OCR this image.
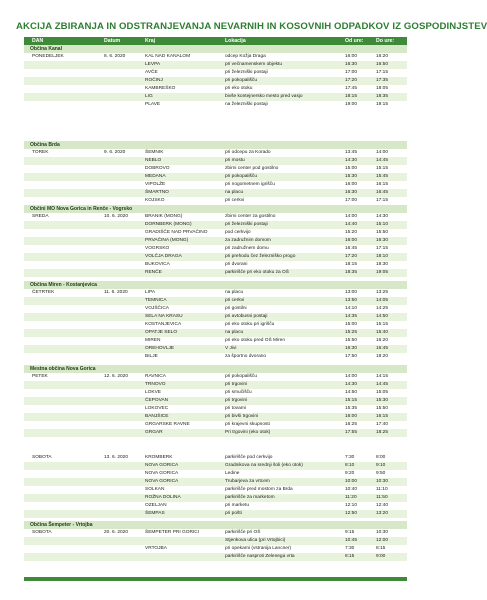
AKCIJA ZBIRANJA IN ODSTRANJEVANJA NEVARNIH IN KOSOVNIH ODPADKOV IZ GOSPODINJSTEV
DAN	Datum	Kraj	Lokacija	Od ure: Do ure:
Občina Kanal
PONEDELJEK	8. 6. 2020	KAL NAD KANALOM	odcep Kožja Draga	16:00	16:20
LEVPA	pri večnamenskem objektu	16:30	16:50
AVČE	pri železniški postaji	17:00	17:15
ROČINJ	pri pokopališču	17:20	17:35
KAMBREŠKO	pri eko otoku	17:45	18:05
LIG	bivše kontejnersko mesto pred vasjo	18:15	18:35
PLAVE	na železniški postaji	19:00	19:15
Občina Brda
TOREK	9. 6. 2020	ŠEMNIK	pri odcepu za Korado	13:45	14:00
NEBLO	pri mostu	14:30	14:45
DOBROVO	zbirni center pod gostilno	15:00	15:15
MEDANA	pri pokopališču	15:30	15:45
VIPOLŽE	pri nogometnem igrišču	16:00	16:15
ŠMARTNO	na placu	16:30	16:45
KOJSKO	pri cerkvi	17:00	17:15
Občini MO Nova Gorica in Renče - Vogrsko
SREDA	10. 6. 2020	BRANIK (MONG)	zbirni center za gostilno	14:00	14:30
DORNBERK (MONG)	pri železniški postaji	14:40	15:10
GRADIŠČE NAD PRVAČINO	pod cerkvijo	15:20	15:50
PRVAČINA (MONG)	za zadružnim domom	16:00	16:30
VOGRSKO	pri zadružnem domu	16:45	17:15
VOLČJA DRAGA	pri prehodu čez železniško progo	17:20	18:10
BUKOVICA	pri dvorani	18:15	18:30
RENČE	parkirišče pri eko otoku za OŠ	18:35	19:05
Občina Miren - Kostanjevica
ČETRTEK	11. 6. 2020	LIPA	na placu	13:00	13:25
TEMNICA	pri cerkvi	13:50	14:05
VOJŠČICA	pri gostilni	14:10	14:25
SELA NA KRASU	pri avtobusni postaji	14:35	14:50
KOSTANJEVICA	pri eko otoku pri igrišču	15:00	15:15
OPATJE SELO	na placu	15:25	15:40
MIREN	pri eko otoku pred OŠ Miren	15:50	16:20
OREHOVLJE	V Jivi	16:30	16:45
BILJE	za športno dvorano	17:50	18:20
Mestna občina Nova Gorica
PETEK	12. 6. 2020	RAVNICA	pri pokopališču	14:00	14:15
TRNOVO	pri trgovini	14:30	14:45
LOKVE	pri smučišču	14:50	15:05
ČEPOVAN	pri trgovini	15:15	15:30
LOKOVEC	pri tovarni	15:35	15:50
BANJŠICE	pri bivši trgovini	16:00	16:15
GRGARSKE RAVNE	pri krajevni skupnosti	16:25	17:40
GRGAR	Pri trgovini (eko otok)	17:55	18:25
SOBOTA	13. 6. 2020	KROMBERK	parkirišče pod cerkvijo	7:30	8:00
NOVA GORICA	Gradnikova na srednji šoli (eko otok)	8:10	9:10
NOVA GORICA	Ledine	9:20	9:50
NOVA GORICA	Trubarjeva za vrtcem	10:00	10:30
SOLKAN	parkirišče pred mostom za Brda	10:40	11:10
ROŽNA DOLINA	parkirišče za marketom	11:20	11:50
OZELJAN	pri marketu	12:10	12:40
ŠEMPAS	pri pošti	12:50	13:20
Občina Šempeter - Vrtojba
SOBOTA	20. 6. 2020	ŠEMPETER PRI GORICI	parkirišče pri OŠ	9:15	10:30
Stjenkova ulica (pri Vrtojbici)	10:45	12:00
VRTOJBA	pri opekarni (vstranija Lancner)	7:30	8:15
parkirišče nasproti Zelenega vrta	8:15	9:00
